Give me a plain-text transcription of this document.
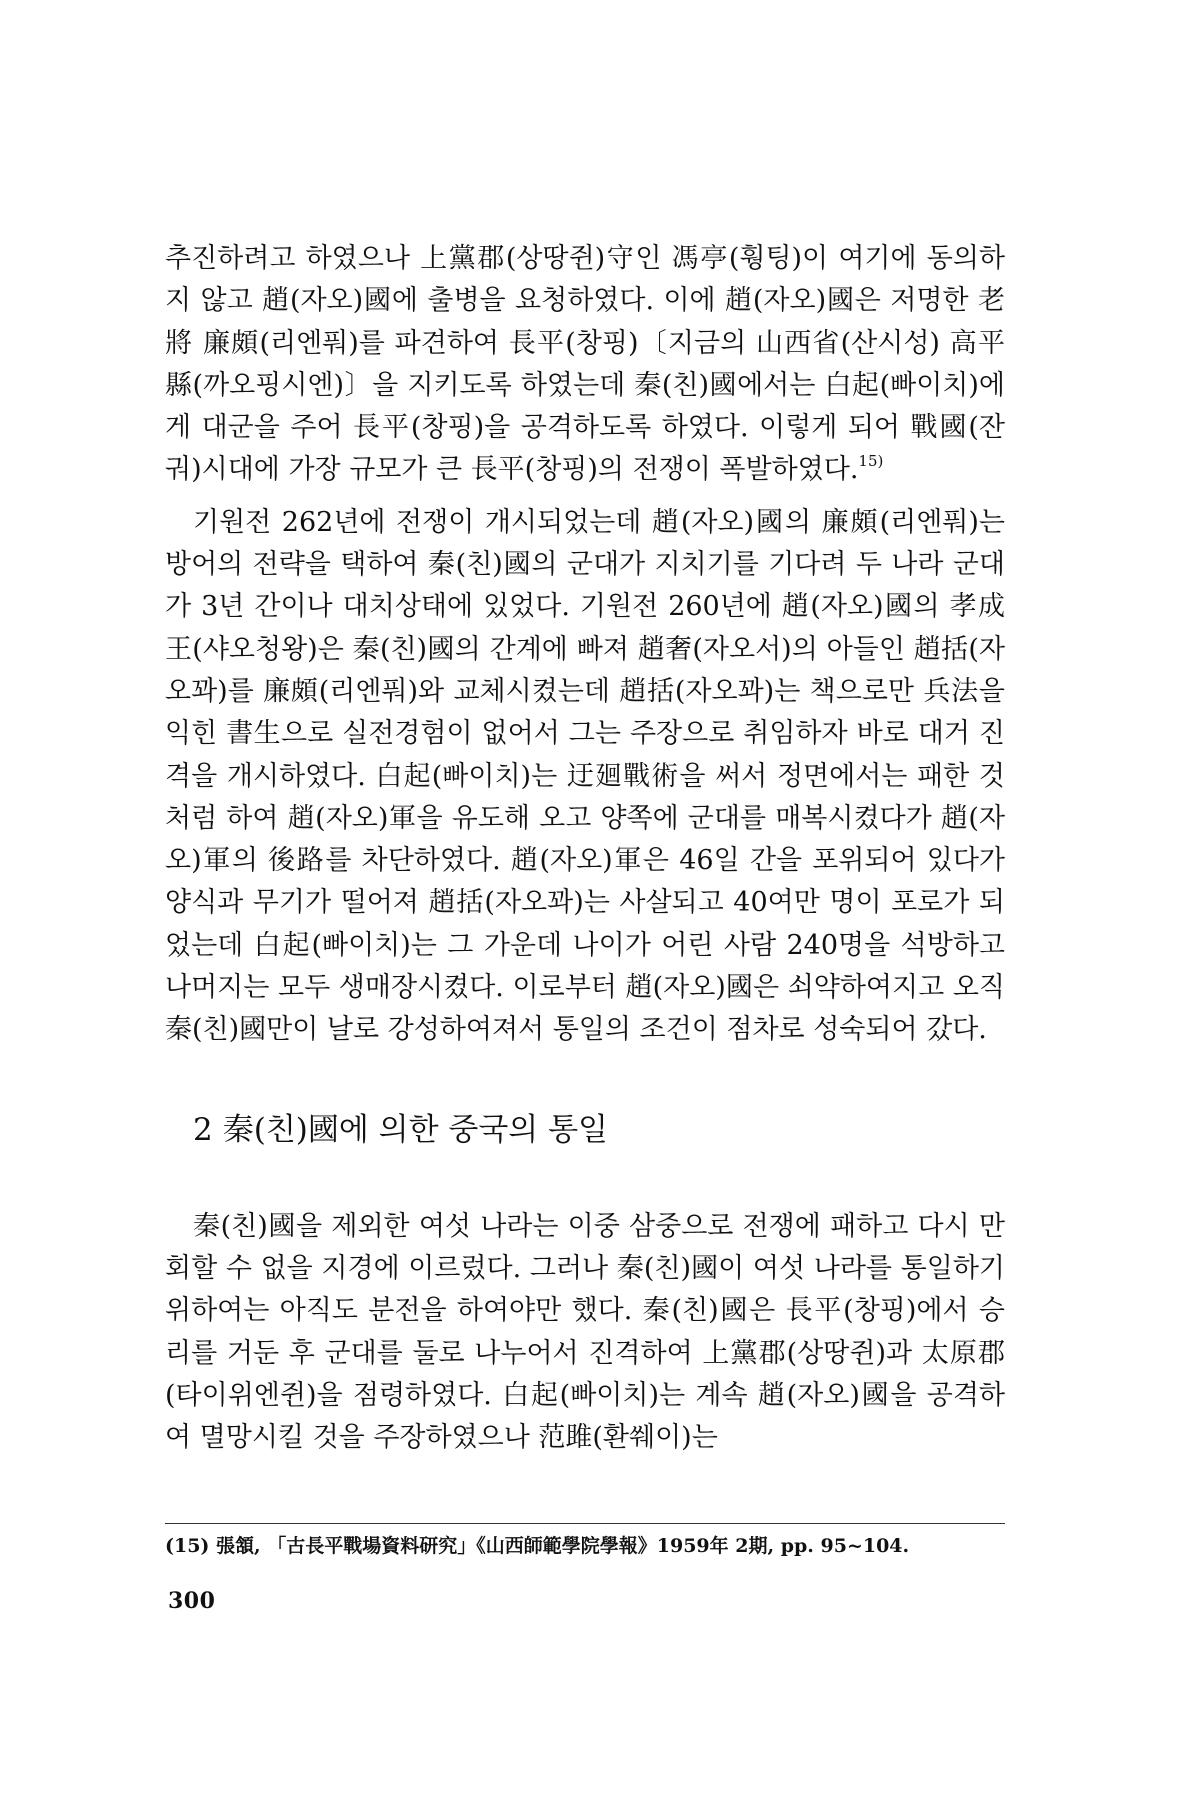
추진하려고 하였으나 上黨郡(상땅쥔)守인 馮亭(훵팅)이 여기에 동의하지 않고 趙(자오)國에 출병을 요청하였다. 이에 趙(자오)國은 저명한 老將 廉頗(리엔풔)를 파견하여 長平(창핑)〔지금의 山西省(산시성) 高平縣(까오핑시엔)〕을 지키도록 하였는데 秦(친)國에서는 白起(빠이치)에게 대군을 주어 長平(창핑)을 공격하도록 하였다. 이렇게 되어 戰國(잔궈)시대에 가장 규모가 큰 長平(창핑)의 전쟁이 폭발하였다.$^{15)}$

기원전 262년에 전쟁이 개시되었는데 趙(자오)國의 廉頗(리엔풔)는 방어의 전략을 택하여 秦(친)國의 군대가 지치기를 기다려 두 나라 군대가 3년 간이나 대치상태에 있었다. 기원전 260년에 趙(자오)國의 孝成王(샤오청왕)은 秦(친)國의 간계에 빠져 趙奢(자오서)의 아들인 趙括(자오꽈)를 廉頗(리엔풔)와 교체시켰는데 趙括(자오꽈)는 책으로만 兵法을 익힌 書生으로 실전경험이 없어서 그는 주장으로 취임하자 바로 대거 진격을 개시하였다. 白起(빠이치)는 迂廻戰術을 써서 정면에서는 패한 것처럼 하여 趙(자오)軍을 유도해 오고 양쪽에 군대를 매복시켰다가 趙(자오)軍의 後路를 차단하였다. 趙(자오)軍은 46일 간을 포위되어 있다가 양식과 무기가 떨어져 趙括(자오꽈)는 사살되고 40여만 명이 포로가 되었는데 白起(빠이치)는 그 가운데 나이가 어린 사람 240명을 석방하고 나머지는 모두 생매장시켰다. 이로부터 趙(자오)國은 쇠약하여지고 오직 秦(친)國만이 날로 강성하여져서 통일의 조건이 점차로 성숙되어 갔다.

2 秦(친)國에 의한 중국의 통일

秦(친)國을 제외한 여섯 나라는 이중 삼중으로 전쟁에 패하고 다시 만회할 수 없을 지경에 이르렀다. 그러나 秦(친)國이 여섯 나라를 통일하기 위하여는 아직도 분전을 하여야만 했다. 秦(친)國은 長平(창핑)에서 승리를 거둔 후 군대를 둘로 나누어서 진격하여 上黨郡(상땅쥔)과 太原郡(타이위엔쥔)을 점령하였다. 白起(빠이치)는 계속 趙(자오)國을 공격하여 멸망시킬 것을 주장하였으나 范雎(환쒜이)는

(15) 張頷, 「古長平戰場資料研究」《山西師範學院學報》1959年 2期, pp. 95~104.
300
